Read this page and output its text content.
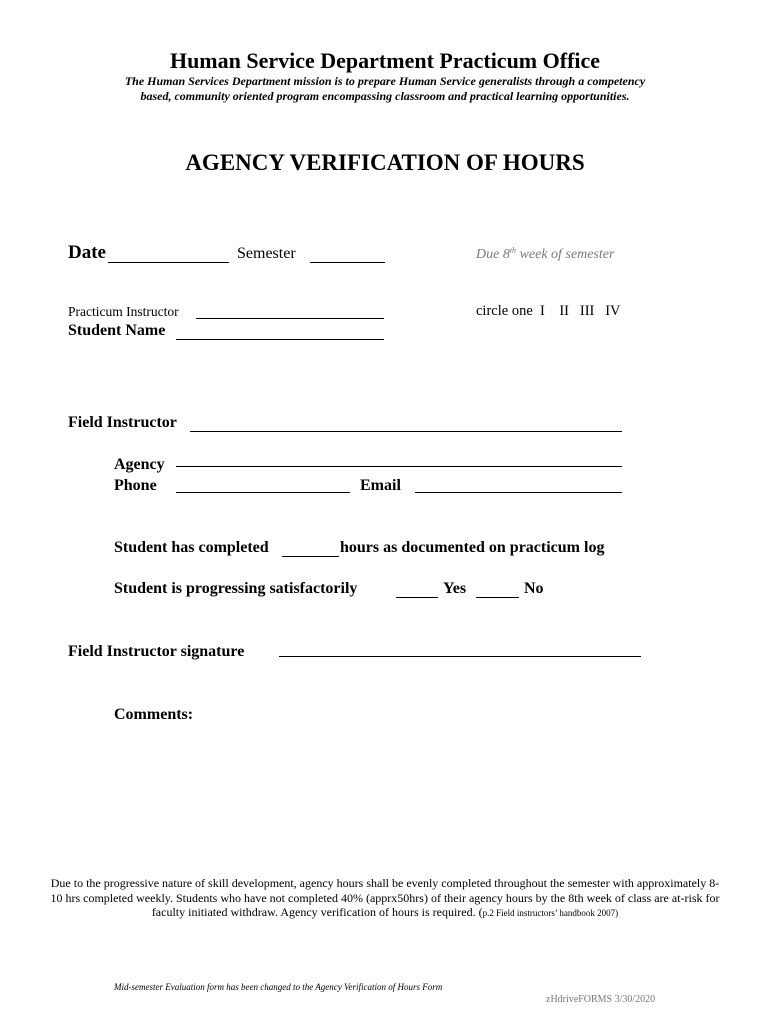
Human Service Department Practicum Office
The Human Services Department mission is to prepare Human Service generalists through a competency based, community oriented program encompassing classroom and practical learning opportunities.
AGENCY VERIFICATION OF HOURS
Date	Semester	Due 8th week of semester
Practicum Instructor	circle one  I    II   III   IV
Student Name
Field Instructor
Agency
Phone	Email
Student has completed	hours as documented on practicum log
Student is progressing satisfactorily	Yes	No
Field Instructor signature
Comments:
Due to the progressive nature of skill development, agency hours shall be evenly completed throughout the semester with approximately 8-10 hrs completed weekly. Students who have not completed 40% (apprx50hrs) of their agency hours by the 8th week of class are at-risk for faculty initiated withdraw. Agency verification of hours is required. (p.2 Field instructors’ handbook 2007)
Mid-semester Evaluation form has been changed to the Agency Verification of Hours Form
zHdriveFORMS 3/30/2020
